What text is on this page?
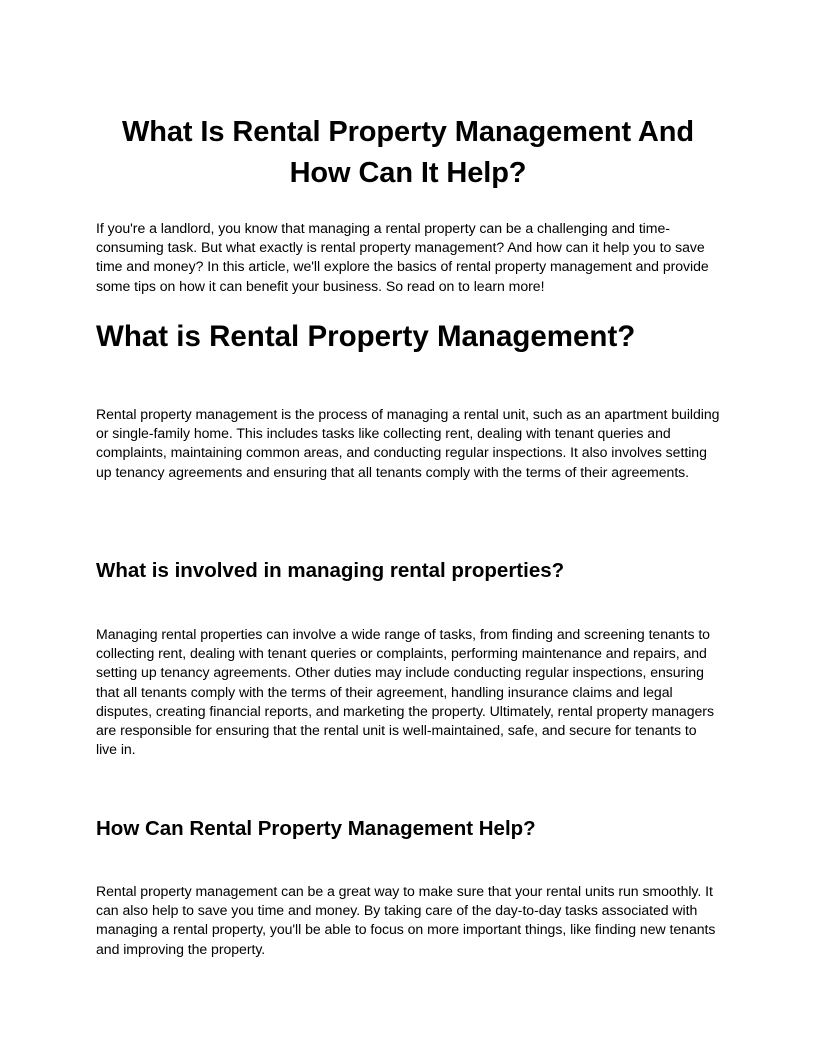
What Is Rental Property Management And How Can It Help?

If you're a landlord, you know that managing a rental property can be a challenging and time-consuming task. But what exactly is rental property management? And how can it help you to save time and money? In this article, we'll explore the basics of rental property management and provide some tips on how it can benefit your business. So read on to learn more!

What is Rental Property Management?

Rental property management is the process of managing a rental unit, such as an apartment building or single-family home. This includes tasks like collecting rent, dealing with tenant queries and complaints, maintaining common areas, and conducting regular inspections. It also involves setting up tenancy agreements and ensuring that all tenants comply with the terms of their agreements.

What is involved in managing rental properties?

Managing rental properties can involve a wide range of tasks, from finding and screening tenants to collecting rent, dealing with tenant queries or complaints, performing maintenance and repairs, and setting up tenancy agreements. Other duties may include conducting regular inspections, ensuring that all tenants comply with the terms of their agreement, handling insurance claims and legal disputes, creating financial reports, and marketing the property. Ultimately, rental property managers are responsible for ensuring that the rental unit is well-maintained, safe, and secure for tenants to live in.

How Can Rental Property Management Help?

Rental property management can be a great way to make sure that your rental units run smoothly. It can also help to save you time and money. By taking care of the day-to-day tasks associated with managing a rental property, you'll be able to focus on more important things, like finding new tenants and improving the property.
